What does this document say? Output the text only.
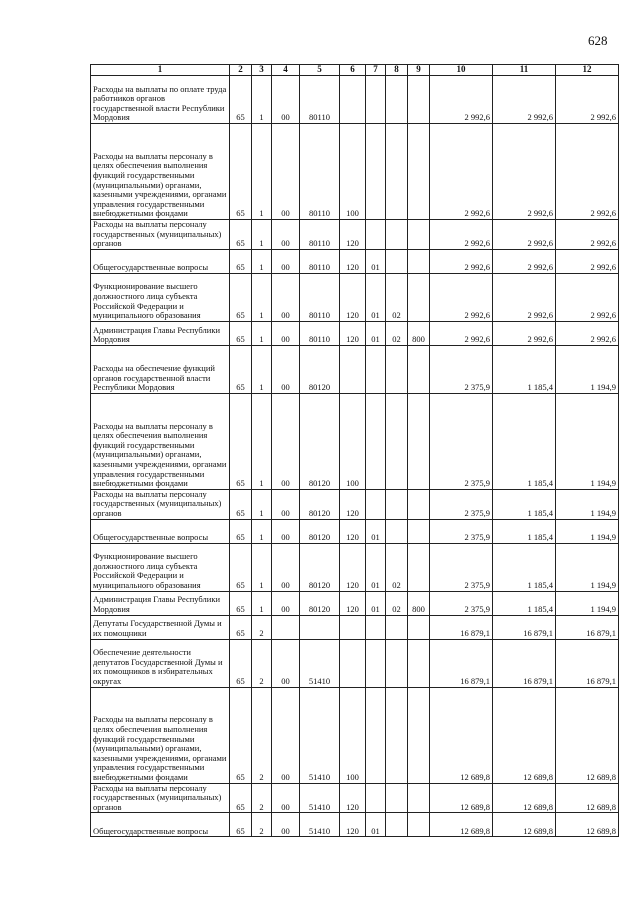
628
1	2	3	4	5	6	7	8	9	10	11	12
Расходы на выплаты по оплате труда работников органов государственной власти Республики Мордовия	65	1	00	80110					2 992,6	2 992,6	2 992,6
Расходы на выплаты персоналу в целях обеспечения выполнения функций государственными (муниципальными) органами, казенными учреждениями, органами управления государственными внебюджетными фондами	65	1	00	80110	100				2 992,6	2 992,6	2 992,6
Расходы на выплаты персоналу государственных (муниципальных) органов	65	1	00	80110	120				2 992,6	2 992,6	2 992,6
Общегосударственные вопросы	65	1	00	80110	120	01			2 992,6	2 992,6	2 992,6
Функционирование высшего должностного лица субъекта Российской Федерации и муниципального образования	65	1	00	80110	120	01	02		2 992,6	2 992,6	2 992,6
Администрация Главы Республики Мордовия	65	1	00	80110	120	01	02	800	2 992,6	2 992,6	2 992,6
Расходы на обеспечение функций органов государственной власти Республики Мордовия	65	1	00	80120					2 375,9	1 185,4	1 194,9
Расходы на выплаты персоналу в целях обеспечения выполнения функций государственными (муниципальными) органами, казенными учреждениями, органами управления государственными внебюджетными фондами	65	1	00	80120	100				2 375,9	1 185,4	1 194,9
Расходы на выплаты персоналу государственных (муниципальных) органов	65	1	00	80120	120				2 375,9	1 185,4	1 194,9
Общегосударственные вопросы	65	1	00	80120	120	01			2 375,9	1 185,4	1 194,9
Функционирование высшего должностного лица субъекта Российской Федерации и муниципального образования	65	1	00	80120	120	01	02		2 375,9	1 185,4	1 194,9
Администрация Главы Республики Мордовия	65	1	00	80120	120	01	02	800	2 375,9	1 185,4	1 194,9
Депутаты Государственной Думы и их помощники	65	2							16 879,1	16 879,1	16 879,1
Обеспечение деятельности депутатов Государственной Думы и их помощников в избирательных округах	65	2	00	51410					16 879,1	16 879,1	16 879,1
Расходы на выплаты персоналу в целях обеспечения выполнения функций государственными (муниципальными) органами, казенными учреждениями, органами управления государственными внебюджетными фондами	65	2	00	51410	100				12 689,8	12 689,8	12 689,8
Расходы на выплаты персоналу государственных (муниципальных) органов	65	2	00	51410	120				12 689,8	12 689,8	12 689,8
Общегосударственные вопросы	65	2	00	51410	120	01			12 689,8	12 689,8	12 689,8
